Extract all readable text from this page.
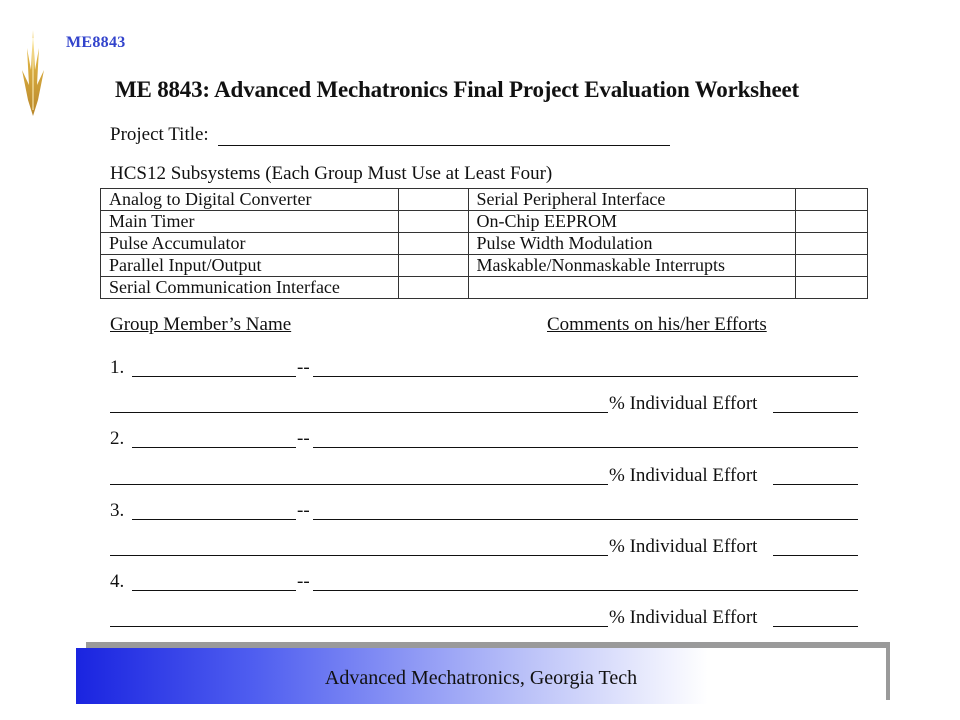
ME8843
ME 8843: Advanced Mechatronics Final Project Evaluation Worksheet
Project Title:
HCS12 Subsystems (Each Group Must Use at Least Four)
Analog to Digital Converter		Serial Peripheral Interface	
Main Timer		On-Chip EEPROM	
Pulse Accumulator		Pulse Width Modulation	
Parallel Input/Output		Maskable/Nonmaskable Interrupts	
Serial Communication Interface			
Group Member’s Name	Comments on his/her Efforts
1.	--
% Individual Effort
2.	--
% Individual Effort
3.	--
% Individual Effort
4.	--
% Individual Effort
Advanced Mechatronics, Georgia Tech
